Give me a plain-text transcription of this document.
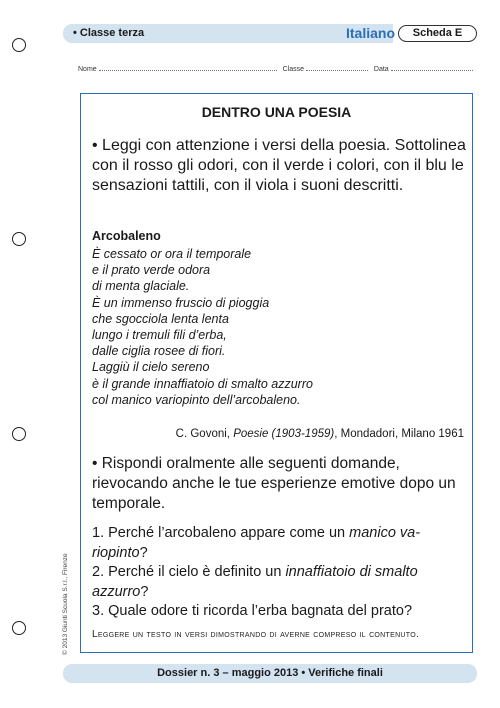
• Classe terza	Italiano	Scheda E
Nome	Classe	Data
DENTRO UNA POESIA
• Leggi con attenzione i versi della poesia. Sottolinea con il rosso gli odori, con il verde i colori, con il blu le sensazioni tattili, con il viola i suoni descritti.
Arcobaleno
È cessato or ora il temporale
e il prato verde odora
di menta glaciale.
È un immenso fruscio di pioggia
che sgocciola lenta lenta
lungo i tremuli fili d’erba,
dalle ciglia rosee di fiori.
Laggiù il cielo sereno
è il grande innaffiatoio di smalto azzurro
col manico variopinto dell’arcobaleno.
C. Govoni, Poesie (1903-1959), Mondadori, Milano 1961
• Rispondi oralmente alle seguenti domande, rievocando anche le tue esperienze emotive dopo un temporale.
1. Perché l’arcobaleno appare come un manico va-riopinto?
2. Perché il cielo è definito un innaffiatoio di smalto azzurro?
3. Quale odore ti ricorda l’erba bagnata del prato?
Leggere un testo in versi dimostrando di averne compreso il contenuto.
© 2013 Giunti Scuola S.r.l., Firenze
Dossier n. 3 – maggio 2013 • Verifiche finali
